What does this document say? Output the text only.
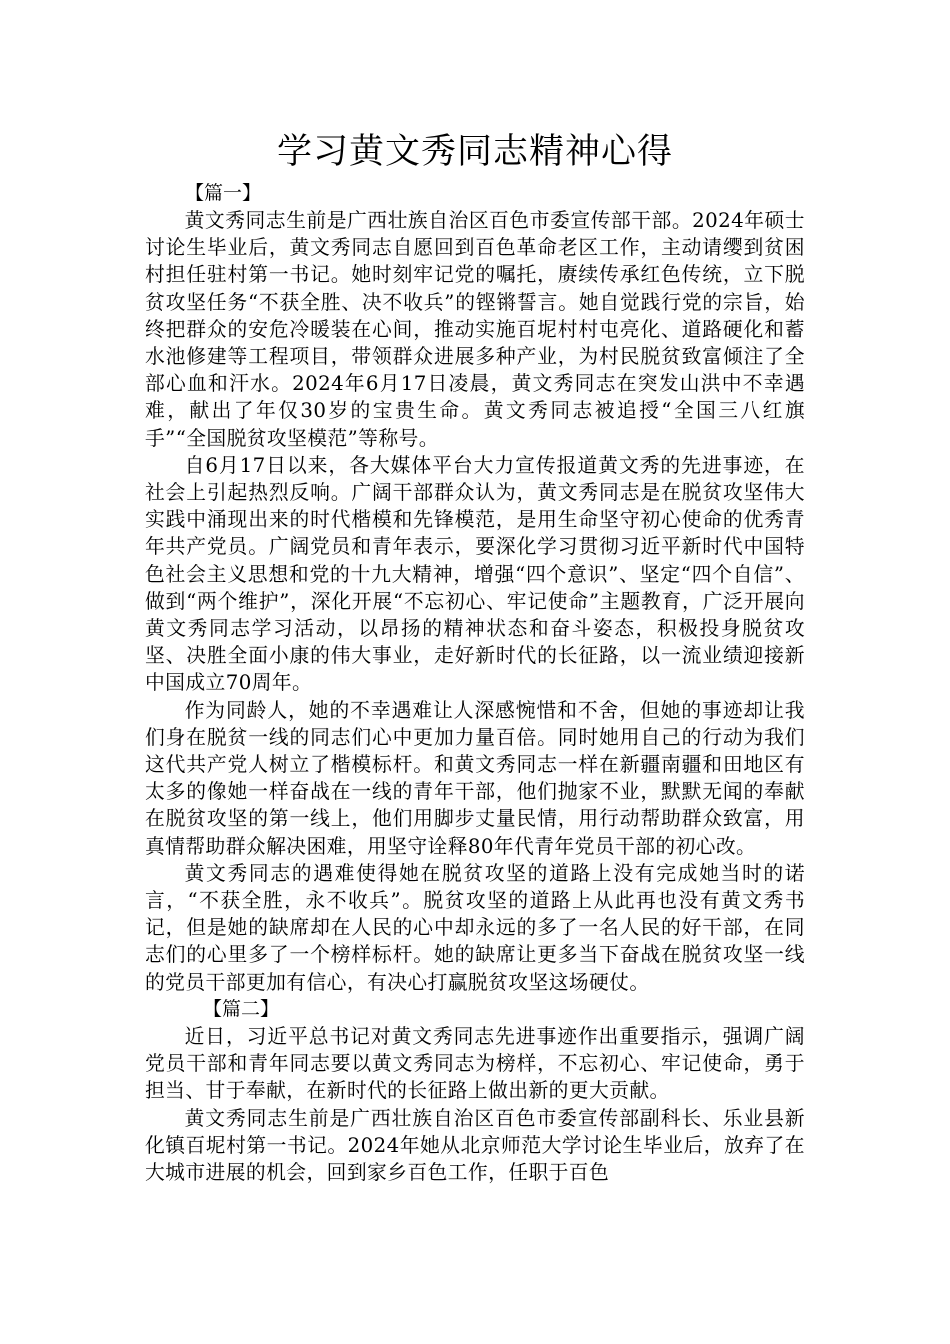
学习黄文秀同志精神心得

【篇一】

黄文秀同志生前是广西壮族自治区百色市委宣传部干部。2024年硕士讨论生毕业后，黄文秀同志自愿回到百色革命老区工作，主动请缨到贫困村担任驻村第一书记。她时刻牢记党的嘱托，赓续传承红色传统，立下脱贫攻坚任务“不获全胜、决不收兵”的铿锵誓言。她自觉践行党的宗旨，始终把群众的安危冷暖装在心间，推动实施百坭村村屯亮化、道路硬化和蓄水池修建等工程项目，带领群众进展多种产业，为村民脱贫致富倾注了全部心血和汗水。2024年6月17日凌晨，黄文秀同志在突发山洪中不幸遇难，献出了年仅30岁的宝贵生命。黄文秀同志被追授“全国三八红旗手”“全国脱贫攻坚模范”等称号。

自6月17日以来，各大媒体平台大力宣传报道黄文秀的先进事迹，在社会上引起热烈反响。广阔干部群众认为，黄文秀同志是在脱贫攻坚伟大实践中涌现出来的时代楷模和先锋模范，是用生命坚守初心使命的优秀青年共产党员。广阔党员和青年表示，要深化学习贯彻习近平新时代中国特色社会主义思想和党的十九大精神，增强“四个意识”、坚定“四个自信”、做到“两个维护”，深化开展“不忘初心、牢记使命”主题教育，广泛开展向黄文秀同志学习活动，以昂扬的精神状态和奋斗姿态，积极投身脱贫攻坚、决胜全面小康的伟大事业，走好新时代的长征路，以一流业绩迎接新中国成立70周年。

作为同龄人，她的不幸遇难让人深感惋惜和不舍，但她的事迹却让我们身在脱贫一线的同志们心中更加力量百倍。同时她用自己的行动为我们这代共产党人树立了楷模标杆。和黄文秀同志一样在新疆南疆和田地区有太多的像她一样奋战在一线的青年干部，他们抛家不业，默默无闻的奉献在脱贫攻坚的第一线上，他们用脚步丈量民情，用行动帮助群众致富，用真情帮助群众解决困难，用坚守诠释80年代青年党员干部的初心改。

黄文秀同志的遇难使得她在脱贫攻坚的道路上没有完成她当时的诺言，“不获全胜，永不收兵”。脱贫攻坚的道路上从此再也没有黄文秀书记，但是她的缺席却在人民的心中却永远的多了一名人民的好干部，在同志们的心里多了一个榜样标杆。她的缺席让更多当下奋战在脱贫攻坚一线的党员干部更加有信心，有决心打赢脱贫攻坚这场硬仗。

【篇二】

近日，习近平总书记对黄文秀同志先进事迹作出重要指示，强调广阔党员干部和青年同志要以黄文秀同志为榜样，不忘初心、牢记使命，勇于担当、甘于奉献，在新时代的长征路上做出新的更大贡献。

黄文秀同志生前是广西壮族自治区百色市委宣传部副科长、乐业县新化镇百坭村第一书记。2024年她从北京师范大学讨论生毕业后，放弃了在大城市进展的机会，回到家乡百色工作，任职于百色
